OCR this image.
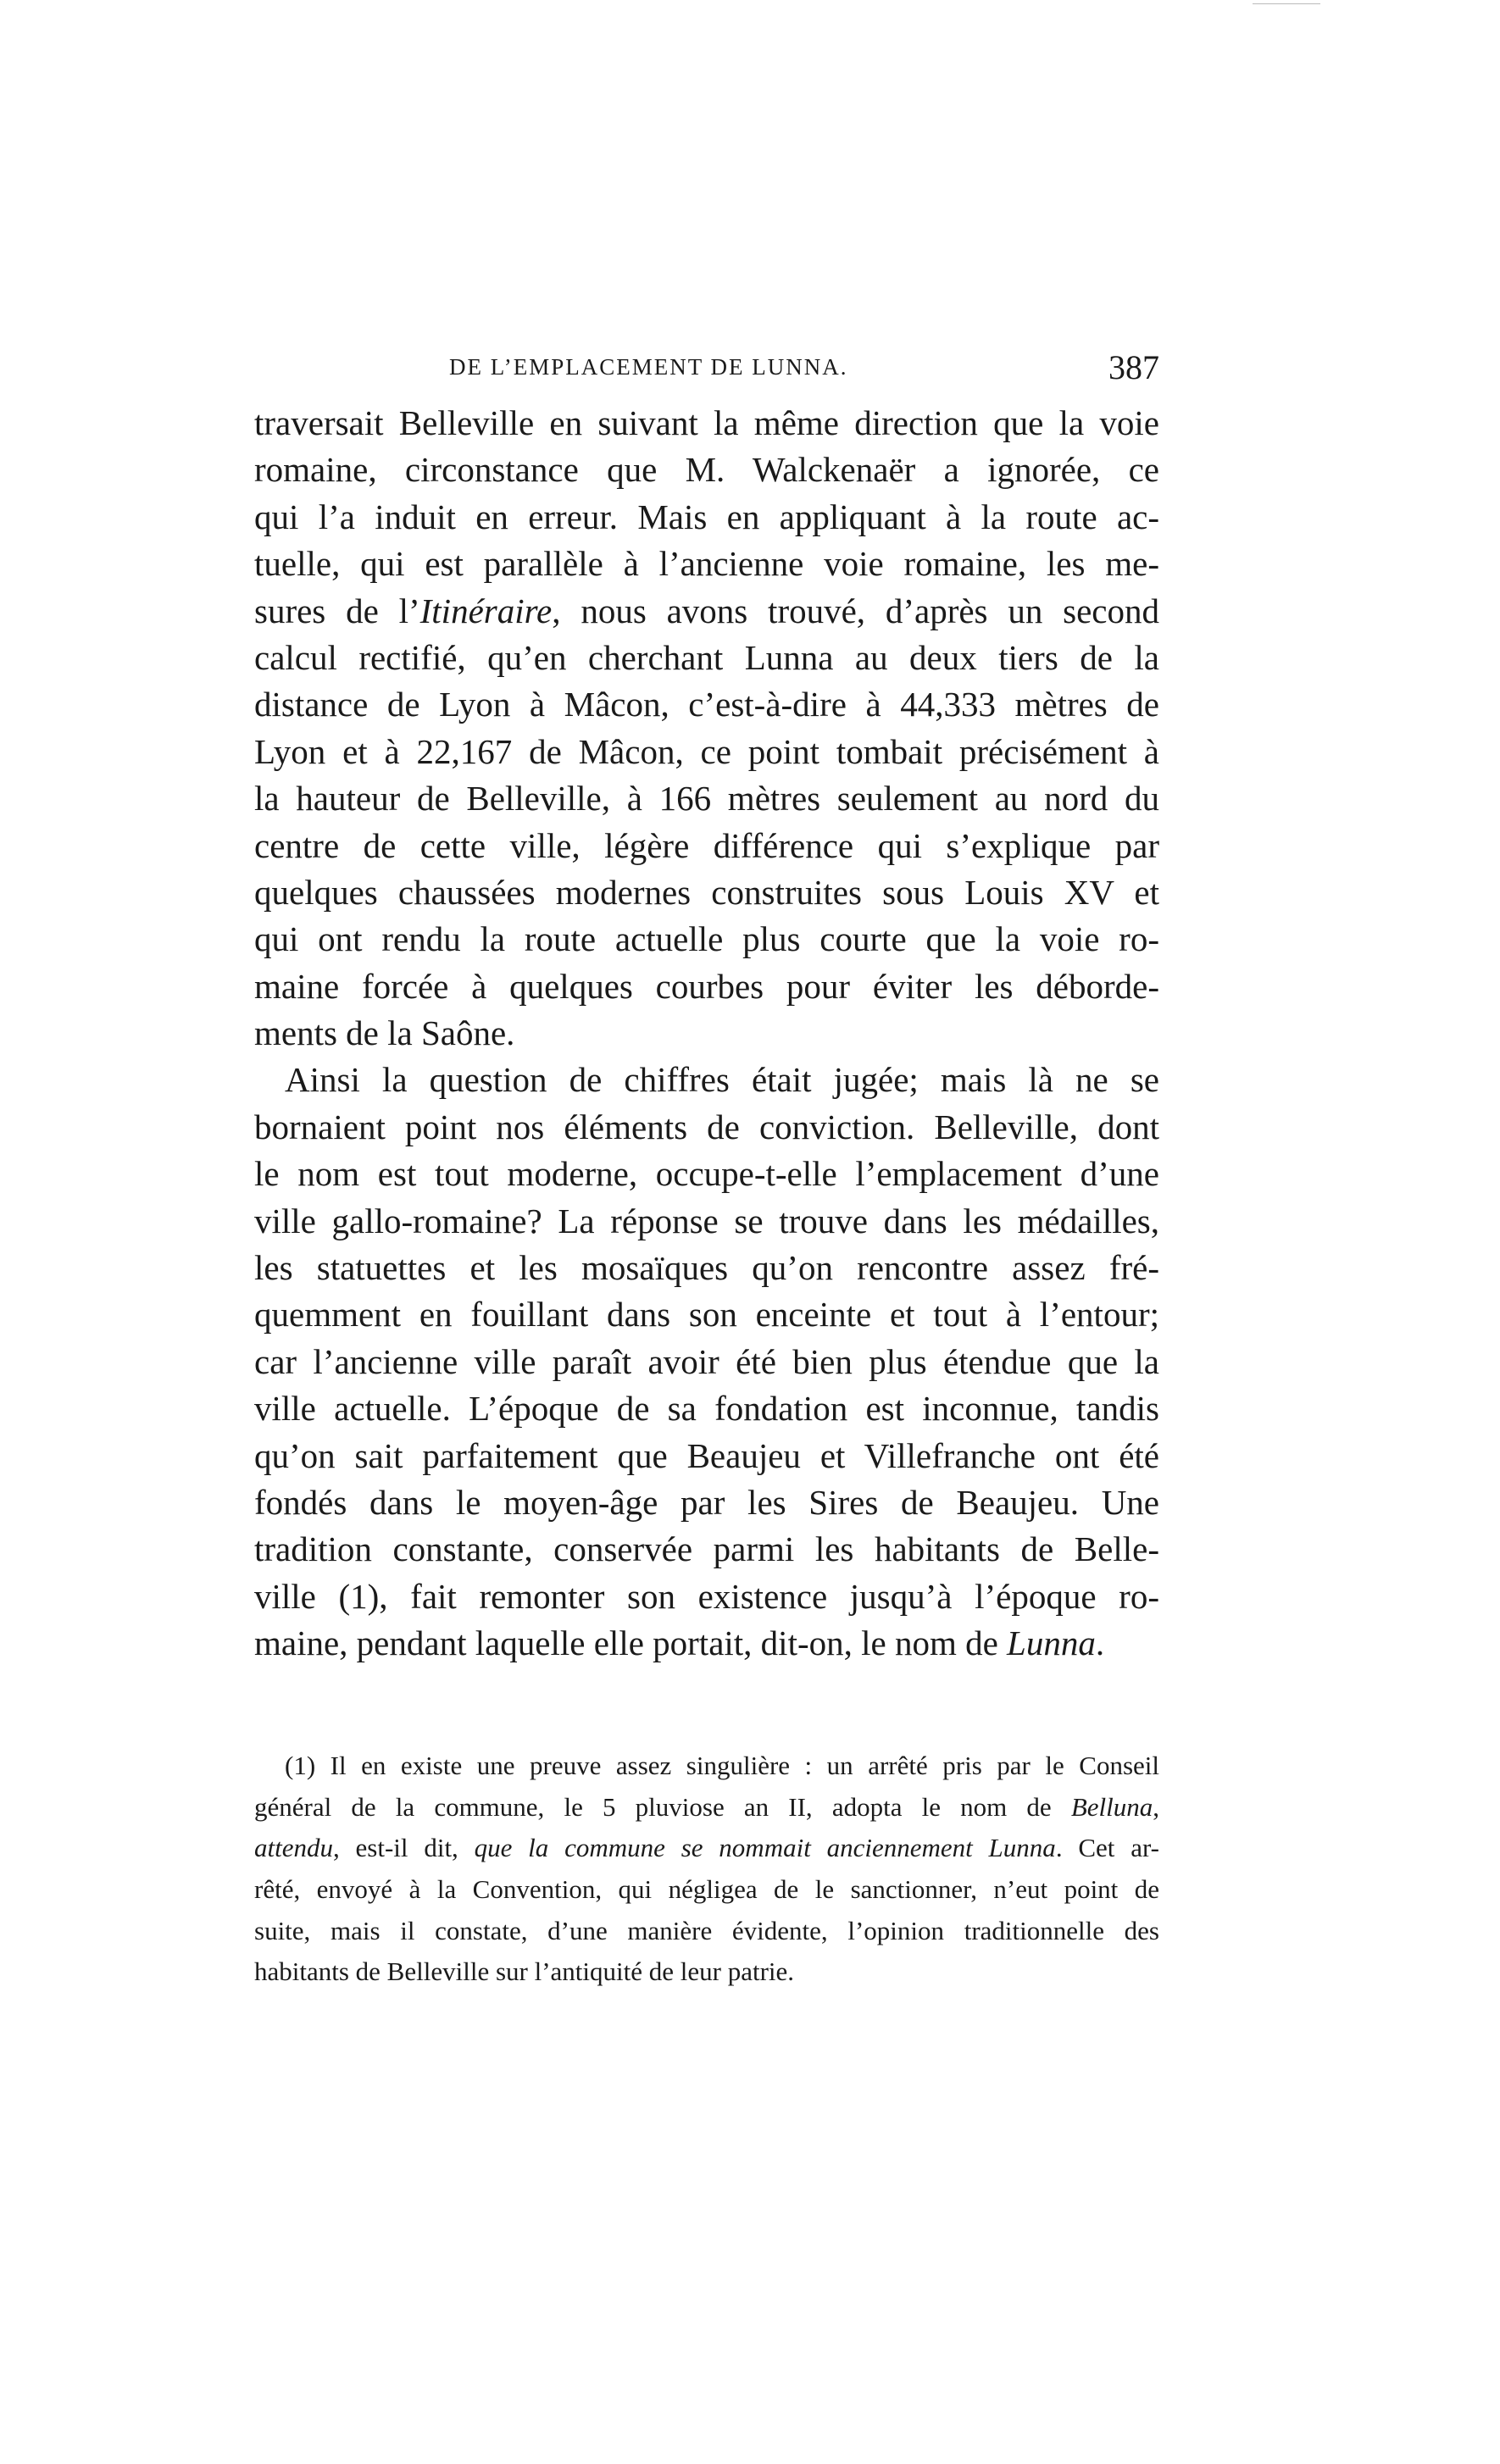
DE L’EMPLACEMENT DE LUNNA.	387
traversait Belleville en suivant la même direction que la voie
romaine, circonstance que M. Walckenaër a ignorée, ce
qui l’a induit en erreur. Mais en appliquant à la route ac-
tuelle, qui est parallèle à l’ancienne voie romaine, les me-
sures de l’Itinéraire, nous avons trouvé, d’après un second
calcul rectifié, qu’en cherchant Lunna au deux tiers de la
distance de Lyon à Mâcon, c’est-à-dire à 44,333 mètres de
Lyon et à 22,167 de Mâcon, ce point tombait précisément à
la hauteur de Belleville, à 166 mètres seulement au nord du
centre de cette ville, légère différence qui s’explique par
quelques chaussées modernes construites sous Louis XV et
qui ont rendu la route actuelle plus courte que la voie ro-
maine forcée à quelques courbes pour éviter les déborde-
ments de la Saône.
Ainsi la question de chiffres était jugée; mais là ne se
bornaient point nos éléments de conviction. Belleville, dont
le nom est tout moderne, occupe-t-elle l’emplacement d’une
ville gallo-romaine? La réponse se trouve dans les médailles,
les statuettes et les mosaïques qu’on rencontre assez fré-
quemment en fouillant dans son enceinte et tout à l’entour;
car l’ancienne ville paraît avoir été bien plus étendue que la
ville actuelle. L’époque de sa fondation est inconnue, tandis
qu’on sait parfaitement que Beaujeu et Villefranche ont été
fondés dans le moyen-âge par les Sires de Beaujeu. Une
tradition constante, conservée parmi les habitants de Belle-
ville (1), fait remonter son existence jusqu’à l’époque ro-
maine, pendant laquelle elle portait, dit-on, le nom de Lunna.
(1) Il en existe une preuve assez singulière : un arrêté pris par le Conseil
général de la commune, le 5 pluviose an II, adopta le nom de Belluna,
attendu, est-il dit, que la commune se nommait anciennement Lunna. Cet ar-
rêté, envoyé à la Convention, qui négligea de le sanctionner, n’eut point de
suite, mais il constate, d’une manière évidente, l’opinion traditionnelle des
habitants de Belleville sur l’antiquité de leur patrie.
